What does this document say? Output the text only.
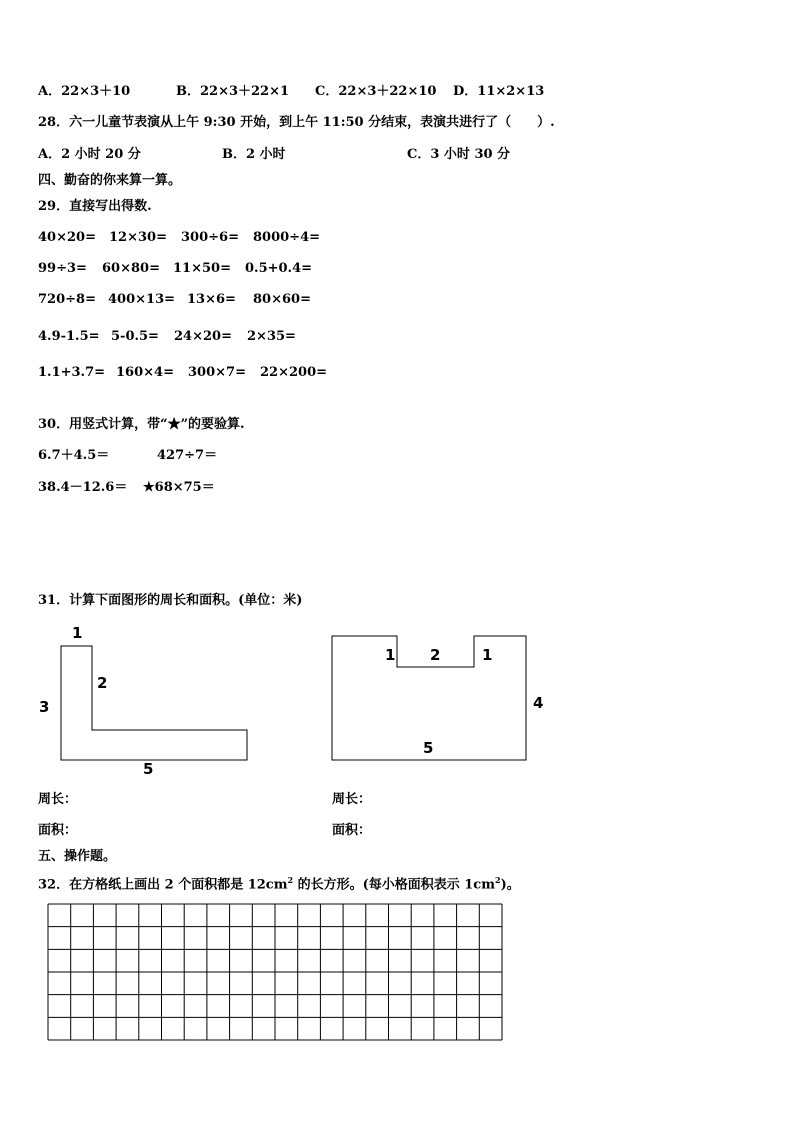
A．22×3＋10	B．22×3＋22×1 C．22×3＋22×10 D．11×2×13
28．六一儿童节表演从上午 9:30 开始，到上午 11:50 分结束，表演共进行了（　　）.
A．2 小时 20 分	B．2 小时	C．3 小时 30 分
四、勤奋的你来算一算。
29．直接写出得数.
40×20= 12×30= 300÷6= 8000÷4=
99÷3= 60×80= 11×50= 0.5+0.4=
720÷8= 400×13= 13×6= 80×60=
4.9-1.5= 5-0.5= 24×20= 2×35=
1.1+3.7= 160×4= 300×7= 22×200=
30．用竖式计算，带“★”的要验算.
6.7＋4.5＝	427÷7＝
38.4－12.6＝ ★68×75＝
31．计算下面图形的周长和面积。(单位：米)
1
2
3
5
1 2	1
4
5
周长：	周长：
面积：	面积：
五、操作题。
32．在方格纸上画出 2 个面积都是 $12cm^2$ 的长方形。(每小格面积表示 $1cm^2$)。
